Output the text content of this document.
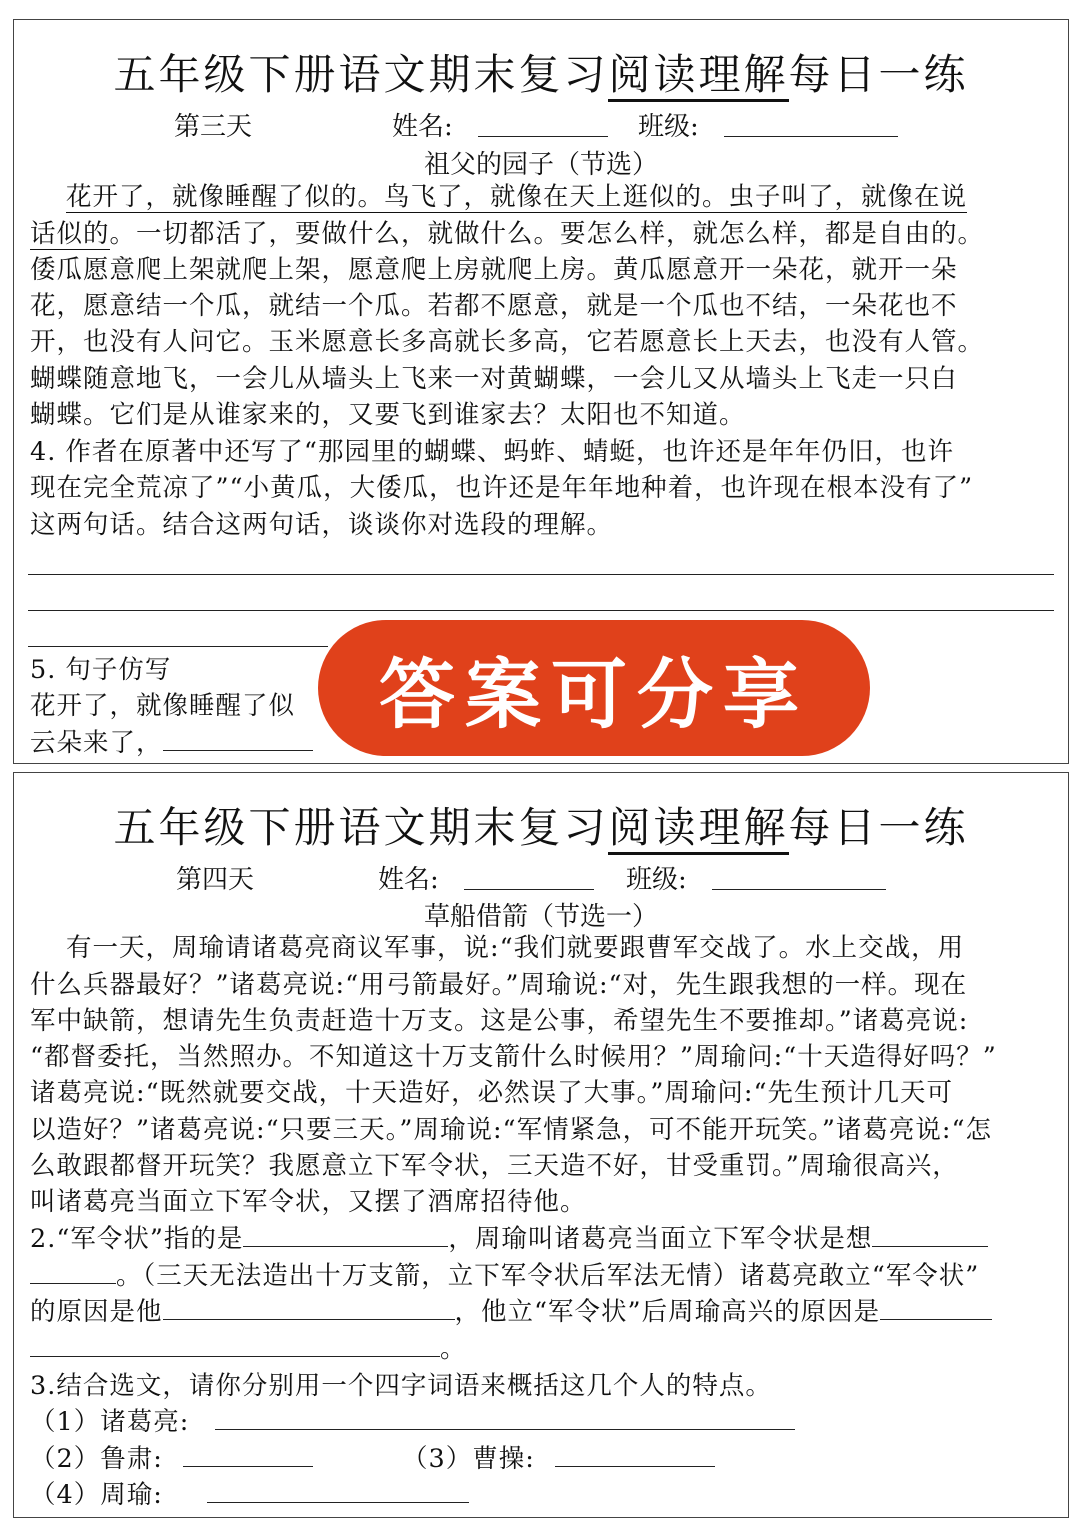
五年级下册语文期末复习阅读理解每日一练
第三天	姓名:	班级:
祖父的园子（节选）
花开了，就像睡醒了似的。鸟飞了，就像在天上逛似的。虫子叫了，就像在说
话似的。一切都活了，要做什么，就做什么。要怎么样，就怎么样，都是自由的。
倭瓜愿意爬上架就爬上架，愿意爬上房就爬上房。黄瓜愿意开一朵花，就开一朵
花，愿意结一个瓜，就结一个瓜。若都不愿意，就是一个瓜也不结，一朵花也不
开，也没有人问它。玉米愿意长多高就长多高，它若愿意长上天去，也没有人管。
蝴蝶随意地飞，一会儿从墙头上飞来一对黄蝴蝶，一会儿又从墙头上飞走一只白
蝴蝶。它们是从谁家来的，又要飞到谁家去？太阳也不知道。
4. 作者在原著中还写了“那园里的蝴蝶、蚂蚱、蜻蜓，也许还是年年仍旧，也许
现在完全荒凉了”“小黄瓜，大倭瓜，也许还是年年地种着，也许现在根本没有了”
这两句话。结合这两句话，谈谈你对选段的理解。
5. 句子仿写
花开了，就像睡醒了似
云朵来了，
答案可分享
五年级下册语文期末复习阅读理解每日一练
第四天	姓名:	班级:
草船借箭（节选一）
有一天，周瑜请诸葛亮商议军事，说:“我们就要跟曹军交战了。水上交战，用
什么兵器最好？”诸葛亮说:“用弓箭最好。”周瑜说:“对，先生跟我想的一样。现在
军中缺箭，想请先生负责赶造十万支。这是公事，希望先生不要推却。”诸葛亮说:
“都督委托，当然照办。不知道这十万支箭什么时候用？”周瑜问:“十天造得好吗？”
诸葛亮说:“既然就要交战，十天造好，必然误了大事。”周瑜问:“先生预计几天可
以造好？”诸葛亮说:“只要三天。”周瑜说:“军情紧急，可不能开玩笑。”诸葛亮说:“怎
么敢跟都督开玩笑？我愿意立下军令状，三天造不好，甘受重罚。”周瑜很高兴，
叫诸葛亮当面立下军令状，又摆了酒席招待他。
2.“军令状”指的是	，周瑜叫诸葛亮当面立下军令状是想
。（三天无法造出十万支箭，立下军令状后军法无情）诸葛亮敢立“军令状”
的原因是他	，他立“军令状”后周瑜高兴的原因是
。
3.结合选文，请你分别用一个四字词语来概括这几个人的特点。
（1）诸葛亮:
（2）鲁肃:	（3）曹操:
（4）周瑜:
